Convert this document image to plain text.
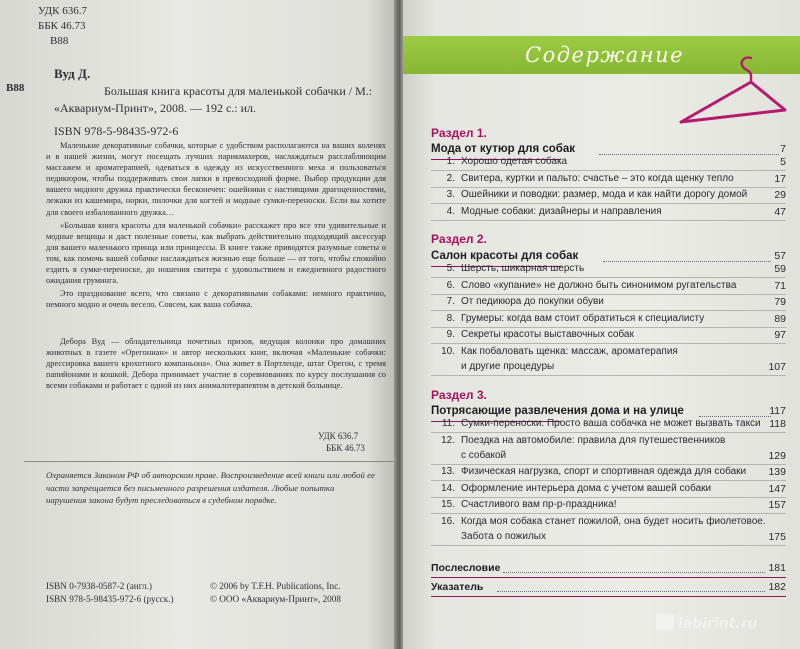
УДК 636.7
ББК 46.73
В88
В88
Вуд Д.
Большая книга красоты для маленькой собачки / М.: «Аквариум-Принт», 2008. — 192 с.: ил.
ISBN 978-5-98435-972-6

Маленькие декоративные собачки, которые с удобством располагаются на ваших коленях и в нашей жизни, могут посещать лучших парикмахеров, наслаждаться расслабляющим массажем и ароматерапией, одеваться в одежду из искусственного меха и пользоваться педикюром, чтобы поддерживать свои лапки в превосходной форме. Выбор продукции для вашего модного дружка практически бесконечен: ошейники с настоящими драгоценностями, лежаки из кашемира, норки, пилочки для когтей и модные сумки-переноски. Если вы хотите для своего избалованного дружка…

«Большая книга красоты для маленькой собачки» расскажет про все эти удивительные и модные вещицы и даст полезные советы, как выбрать действительно подходящий аксессуар для вашего маленького принца или принцессы. В книге также приводятся разумные советы о том, как помочь вашей собачке наслаждаться жизнью еще больше — от того, чтобы спокойно ездить в сумке-переноске, до ношения свитера с удовольствием и ежедневного радостного ожидания груминга.

Это празднование всего, что связано с декоративными собаками: немного практично, немного модно и очень весело. Совсем, как ваша собачка.

Дебора Вуд — обладательница почетных призов, ведущая колонки про домашних животных в газете «Орегониан» и автор нескольких книг, включая «Маленькие собачки: дрессировка вашего крохотного компаньона». Она живет в Портленде, штат Орегон, с тремя папийонами и кошкой. Дебора принимает участие в соревнованиях по курсу послушания со всеми собаками и работает с одной из них анималотерапевтом в детской больнице.
УДК 636.7
ББК 46.73
Охраняется Законом РФ об авторском праве. Воспроизведение всей книги или любой ее части запрещается без письменного разрешения издателя. Любые попытки нарушения закона будут преследоваться в судебном порядке.
ISBN 0-7938-0587-2 (англ.)
ISBN 978-5-98435-972-6 (русск.)
© 2006 by T.F.H. Publications, Inc.
© ООО «Аквариум-Принт», 2008
Содержание
Раздел 1.
Мода от кутюр для собак	7
1. Хорошо одетая собака	5
2. Свитера, куртки и пальто: счастье – это когда щенку тепло	17
3. Ошейники и поводки: размер, мода и как найти дорогу домой	29
4. Модные собаки: дизайнеры и направления	47
Раздел 2.
Салон красоты для собак	57
5. Шерсть, шикарная шерсть	59
6. Слово «купание» не должно быть синонимом ругательства	71
7. От педикюра до покупки обуви	79
8. Грумеры: когда вам стоит обратиться к специалисту	89
9. Секреты красоты выставочных собак	97
10. Как побаловать щенка: массаж, ароматерапия
и другие процедуры	107
Раздел 3.
Потрясающие развлечения дома и на улице	117
11. Сумки-переноски. Просто ваша собачка не может вызвать такси 118
12. Поездка на автомобиле: правила для путешественников
с собакой	129
13. Физическая нагрузка, спорт и спортивная одежда для собаки 139
14. Оформление интерьера дома с учетом вашей собаки	147
15. Счастливого вам пр-р-праздника!	157
16. Когда моя собака станет пожилой, она будет носить фиолетовое.
Забота о пожилых	175
Послесловие	181
Указатель	182
labirint.ru
